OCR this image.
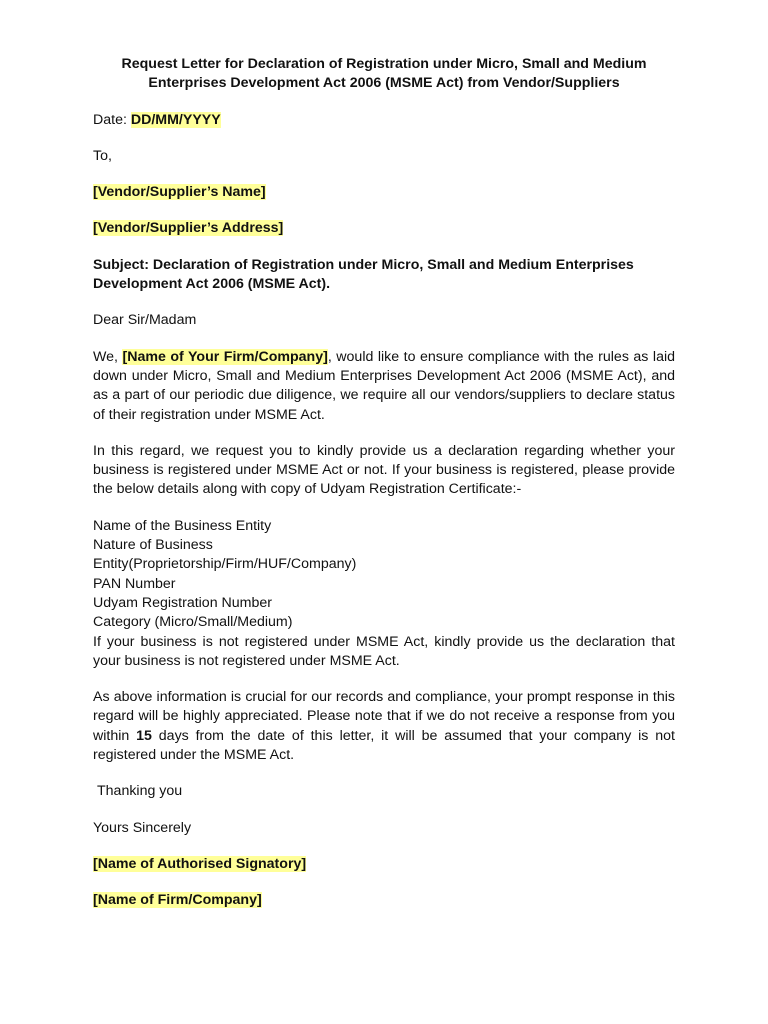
Request Letter for Declaration of Registration under Micro, Small and Medium
Enterprises Development Act 2006 (MSME Act) from Vendor/Suppliers

Date: DD/MM/YYYY

To,

[Vendor/Supplier’s Name]

[Vendor/Supplier’s Address]

Subject: Declaration of Registration under Micro, Small and Medium Enterprises Development Act 2006 (MSME Act).

Dear Sir/Madam

We, [Name of Your Firm/Company], would like to ensure compliance with the rules as laid down under Micro, Small and Medium Enterprises Development Act 2006 (MSME Act), and as a part of our periodic due diligence, we require all our vendors/suppliers to declare status of their registration under MSME Act.

In this regard, we request you to kindly provide us a declaration regarding whether your business is registered under MSME Act or not. If your business is registered, please provide the below details along with copy of Udyam Registration Certificate:-

Name of the Business Entity
Nature of Business
Entity(Proprietorship/Firm/HUF/Company)
PAN Number
Udyam Registration Number
Category (Micro/Small/Medium)
If your business is not registered under MSME Act, kindly provide us the declaration that your business is not registered under MSME Act.

As above information is crucial for our records and compliance, your prompt response in this regard will be highly appreciated. Please note that if we do not receive a response from you within 15 days from the date of this letter, it will be assumed that your company is not registered under the MSME Act.

Thanking you

Yours Sincerely

[Name of Authorised Signatory]

[Name of Firm/Company]
